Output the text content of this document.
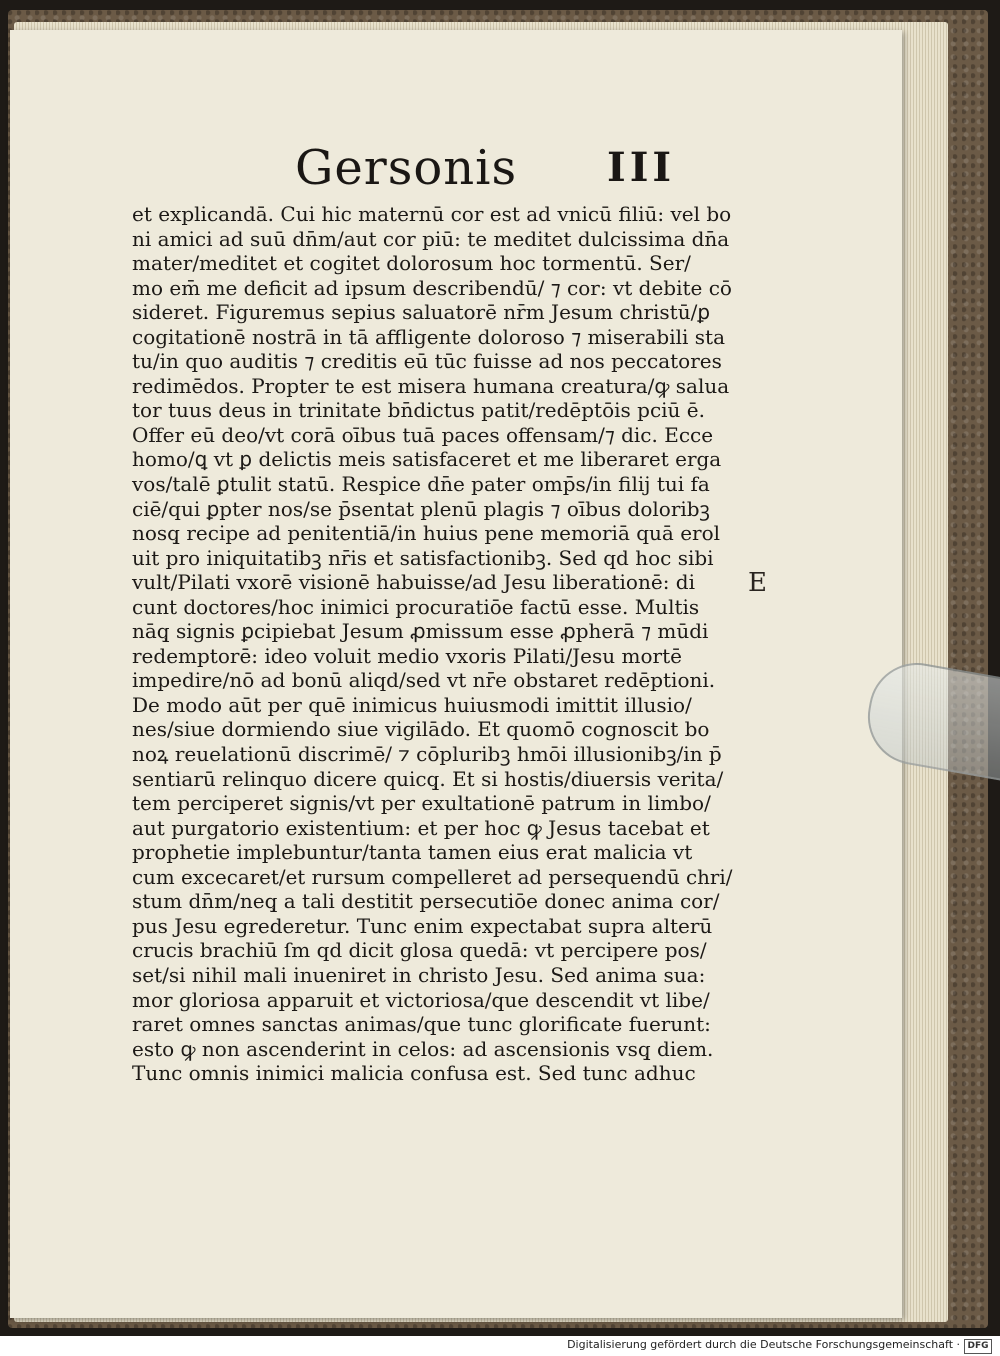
Gersonis III
et explicandā. Cui hic maternū cor est ad vnicū filiū: vel bo
ni amici ad suū dn̄m/aut cor piū: te meditet dulcissima dn̄a
mater/meditet et cogitet dolorosum hoc tormentū. Ser/
mo em̄ me deficit ad ipsum describendū/ ⁊ cor: vt debite cō
sideret. Figuremus sepius saluatorē nr̄m Jesum christū/ꝑ
cogitationē nostrā in tā affligente doloroso ⁊ miserabili sta
tu/in quo auditis ⁊ creditis eū tūc fuisse ad nos peccatores
redimēdos. Propter te est misera humana creatura/ꝙ salua
tor tuus deus in trinitate bn̄dictus patit/redēptōis pciū ē.
Offer eū deo/vt corā oībus tuā paces offensam/⁊ dic. Ecce
homo/ꝗ vt ꝑ delictis meis satisfaceret et me liberaret erga
vos/talē ꝑtulit statū. Respice dn̄e pater omp̄s/in filij tui fa
ciē/qui ꝑpter nos/se p̄sentat plenū plagis ⁊ oībus doloribꝫ
nosq̧ recipe ad penitentiā/in huius pene memoriā quā erol
uit pro iniquitatibꝫ nr̄is et satisfactionibꝫ. Sed qd hoc sibi
vult/Pilati vxorē visionē habuisse/ad Jesu liberationē: di
cunt doctores/hoc inimici procuratiōe factū esse. Multis
nāq̧ signis ꝑcipiebat Jesum ꝓmissum esse ꝓpherā ⁊ mūdi
redemptorē: ideo voluit medio vxoris Pilati/Jesu mortē
impedire/nō ad bonū aliqd/sed vt nr̄e obstaret redēptioni.
De modo aūt per quē inimicus huiusmodi imittit illusio/
nes/siue dormiendo siue vigilādo. Et quomō cognoscit bo
noꝝ reuelationū discrimē/ ⁊ cōpluribꝫ hmōi illusionibꝫ/in p̄
sentiarū relinquo dicere quicq̧. Et si hostis/diuersis verita/
tem perciperet signis/vt per exultationē patrum in limbo/
aut purgatorio existentium: et per hoc ꝙ Jesus tacebat et
prophetie implebuntur/tanta tamen eius erat malicia vt
cum excecaret/et rursum compelleret ad persequendū chri/
stum dn̄m/neq̧ a tali destitit persecutiōe donec anima cor/
pus Jesu egrederetur. Tunc enim expectabat supra alterū
crucis brachiū ſm qd dicit glosa quedā: vt percipere pos/
set/si nihil mali inueniret in christo Jesu. Sed anima sua:
mor gloriosa apparuit et victoriosa/que descendit vt libe/
raret omnes sanctas animas/que tunc glorificate fuerunt:
esto ꝙ non ascenderint in celos: ad ascensionis vsq̧ diem.
Tunc omnis inimici malicia confusa est. Sed tunc adhuc
E
Digitalisierung gefördert durch die Deutsche Forschungsgemeinschaft · DFG
